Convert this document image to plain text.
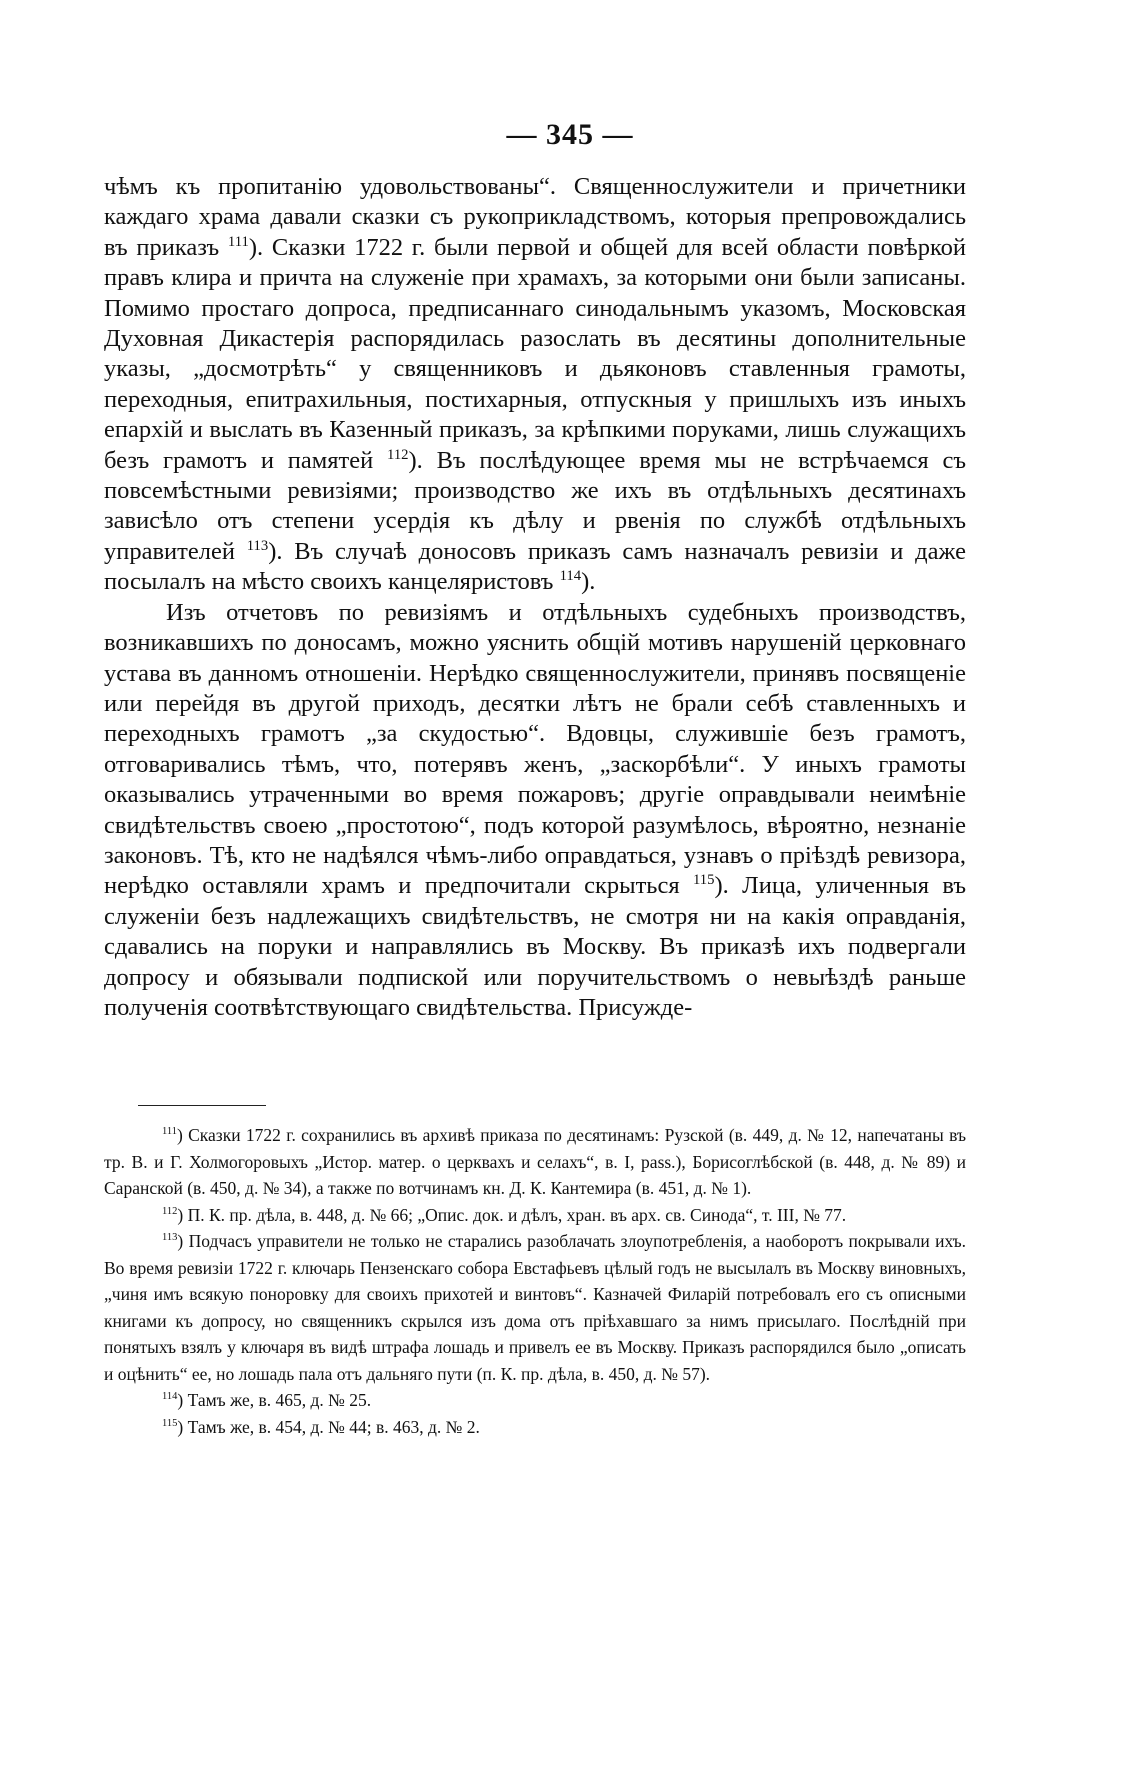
— 345 —

чѣмъ къ пропитанію удовольствованы“. Священнослужители и причетники каждаго храма давали сказки съ рукоприкладствомъ, которыя препровождались въ приказъ $^{111}$). Сказки 1722 г. были первой и общей для всей области повѣркой правъ клира и причта на служеніе при храмахъ, за которыми они были записаны. Помимо простаго допроса, предписаннаго синодальнымъ указомъ, Московская Духовная Дикастерія распорядилась разослать въ десятины дополнительные указы, „досмотрѣть“ у священниковъ и дьяконовъ ставленныя грамоты, переходныя, епитрахильныя, постихарныя, отпускныя у пришлыхъ изъ иныхъ епархій и выслать въ Казенный приказъ, за крѣпкими поруками, лишь служащихъ безъ грамотъ и памятей $^{112}$). Въ послѣдующее время мы не встрѣчаемся съ повсемѣстными ревизіями; производство же ихъ въ отдѣльныхъ десятинахъ зависѣло отъ степени усердія къ дѣлу и рвенія по службѣ отдѣльныхъ управителей $^{113}$). Въ случаѣ доносовъ приказъ самъ назначалъ ревизіи и даже посылалъ на мѣсто своихъ канцеляристовъ $^{114}$).

Изъ отчетовъ по ревизіямъ и отдѣльныхъ судебныхъ производствъ, возникавшихъ по доносамъ, можно уяснить общій мотивъ нарушеній церковнаго устава въ данномъ отношеніи. Нерѣдко священнослужители, принявъ посвященіе или перейдя въ другой приходъ, десятки лѣтъ не брали себѣ ставленныхъ и переходныхъ грамотъ „за скудостью“. Вдовцы, служившіе безъ грамотъ, отговаривались тѣмъ, что, потерявъ женъ, „заскорбѣли“. У иныхъ грамоты оказывались утраченными во время пожаровъ; другіе оправдывали неимѣніе свидѣтельствъ своею „простотою“, подъ которой разумѣлось, вѣроятно, незнаніе законовъ. Тѣ, кто не надѣялся чѣмъ-либо оправдаться, узнавъ о пріѣздѣ ревизора, нерѣдко оставляли храмъ и предпочитали скрыться $^{115}$). Лица, уличенныя въ служеніи безъ надлежащихъ свидѣтельствъ, не смотря ни на какія оправданія, сдавались на поруки и направлялись въ Москву. Въ приказѣ ихъ подвергали допросу и обязывали подпиской или поручительствомъ о невыѣздѣ раньше полученія соотвѣтствующаго свидѣтельства. Присужде-

$^{111}$) Сказки 1722 г. сохранились въ архивѣ приказа по десятинамъ: Рузской (в. 449, д. № 12, напечатаны въ тр. В. и Г. Холмогоровыхъ „Истор. матер. о церквахъ и селахъ“, в. I, pass.), Борисоглѣбской (в. 448, д. № 89) и Саранской (в. 450, д. № 34), а также по вотчинамъ кн. Д. К. Кантемира (в. 451, д. № 1).

$^{112}$) П. К. пр. дѣла, в. 448, д. № 66; „Опис. док. и дѣлъ, хран. въ арх. св. Синода“, т. III, № 77.

$^{113}$) Подчасъ управители не только не старались разоблачать злоупотребленія, а наоборотъ покрывали ихъ. Во время ревизіи 1722 г. ключарь Пензенскаго собора Евстафьевъ цѣлый годъ не высылалъ въ Москву виновныхъ, „чиня имъ всякую поноровку для своихъ прихотей и винтовъ“. Казначей Филарій потребовалъ его съ описными книгами къ допросу, но священникъ скрылся изъ дома отъ пріѣхавшаго за нимъ присылаго. Послѣдній при понятыхъ взялъ у ключаря въ видѣ штрафа лошадь и привелъ ее въ Москву. Приказъ распорядился было „описать и оцѣнить“ ее, но лошадь пала отъ дальняго пути (п. К. пр. дѣла, в. 450, д. № 57).

$^{114}$) Тамъ же, в. 465, д. № 25.

$^{115}$) Тамъ же, в. 454, д. № 44; в. 463, д. № 2.
